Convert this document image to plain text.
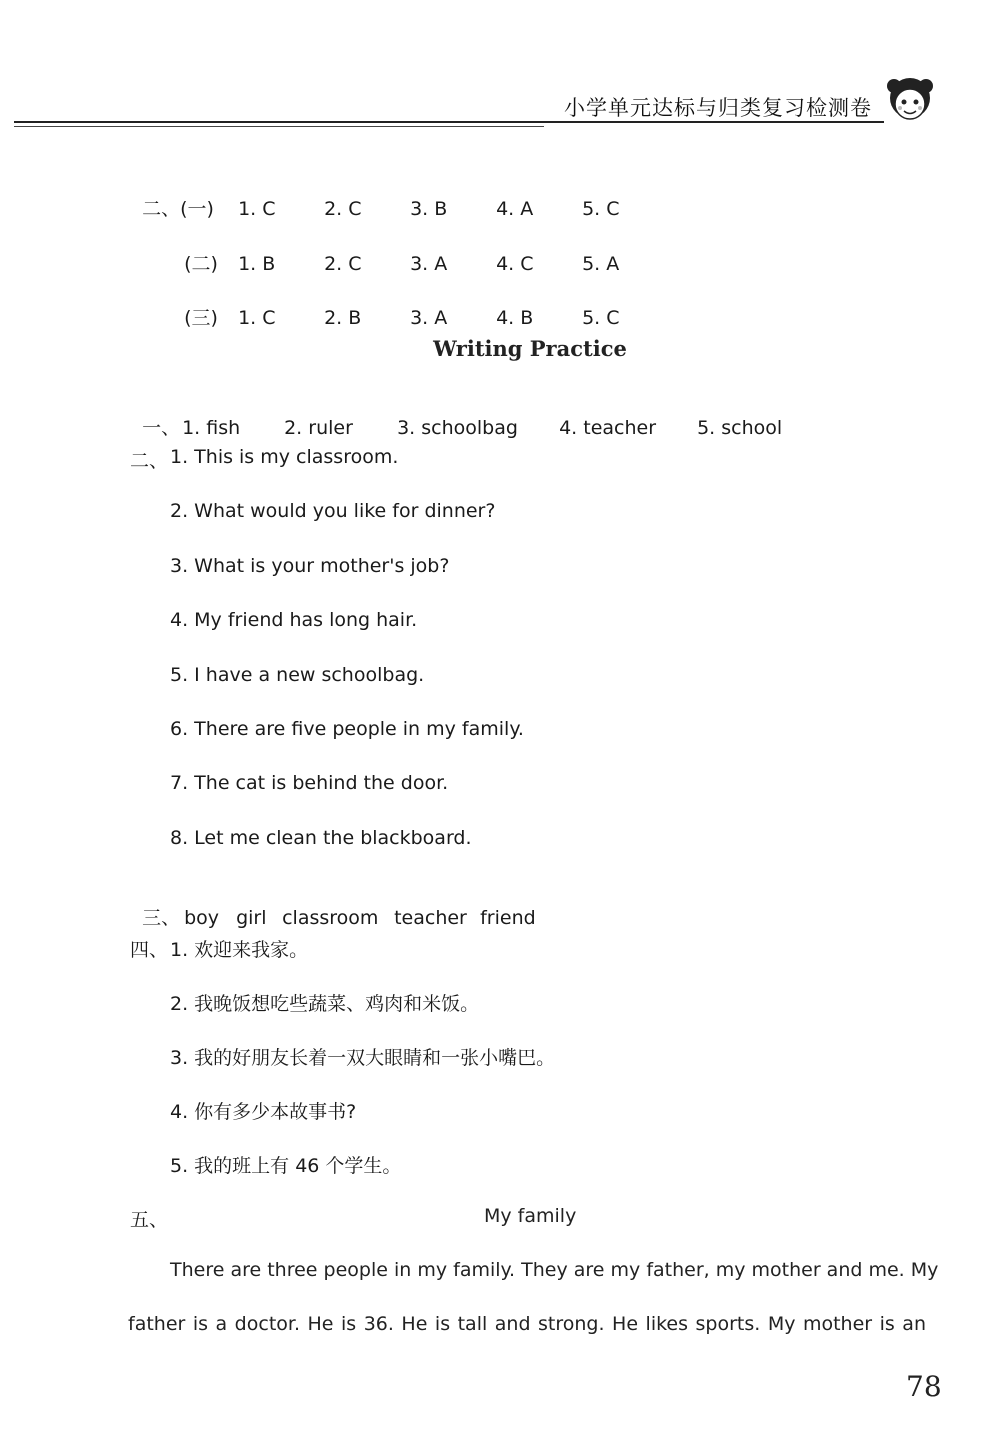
小学单元达标与归类复习检测卷

二、(一) 1. C	2. C	3. B	4. A	5. C

(二) 1. B	2. C	3. A	4. C	5. A

(三) 1. C	2. B	3. A	4. B	5. C

Writing Practice

一、 1. fish 2. ruler 3. schoolbag 4. teacher 5. school

二、 1. This is my classroom.
2. What would you like for dinner?
3. What is your mother's job?
4. My friend has long hair.
5. I have a new schoolbag.
6. There are five people in my family.
7. The cat is behind the door.
8. Let me clean the blackboard.

三、 boy girl classroom teacher friend

四、 1. 欢迎来我家。
2. 我晚饭想吃些蔬菜、鸡肉和米饭。
3. 我的好朋友长着一双大眼睛和一张小嘴巴。
4. 你有多少本故事书?
5. 我的班上有 46 个学生。
五、	My family
There are three people in my family. They are my father, my mother and me. My
father is a doctor. He is 36. He is tall and strong. He likes sports. My mother is an
78
